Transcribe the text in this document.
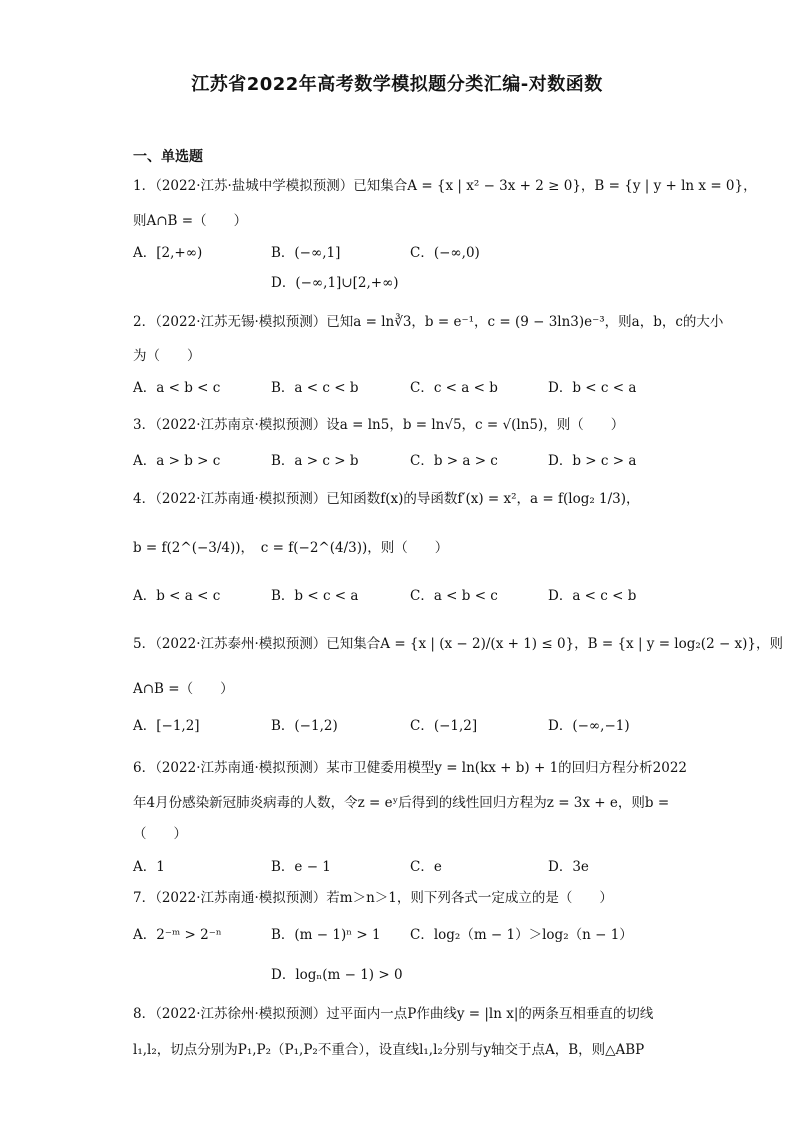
江苏省2022年高考数学模拟题分类汇编-对数函数
一、单选题
1．（2022·江苏·盐城中学模拟预测）已知集合A = {x | x² − 3x + 2 ≥ 0}，B = {y | y + ln x = 0}，
则A∩B =（　　）
A．[2,+∞)	B．(−∞,1]	C．(−∞,0)
D．(−∞,1]∪[2,+∞)
2．（2022·江苏无锡·模拟预测）已知a = ln∛3，b = e⁻¹，c = (9 − 3ln3)e⁻³，则a，b，c的大小
为（　　）
A．a < b < c	B．a < c < b	C．c < a < b	D．b < c < a
3．（2022·江苏南京·模拟预测）设a = ln5，b = ln√5，c = √(ln5)，则（　　）
A．a > b > c	B．a > c > b	C．b > a > c	D．b > c > a
4．（2022·江苏南通·模拟预测）已知函数f(x)的导函数f′(x) = x²，a = f(log₂ 1/3)，
b = f(2^(−3/4))，　c = f(−2^(4/3))，则（　　）
A．b < a < c	B．b < c < a	C．a < b < c	D．a < c < b
5．（2022·江苏泰州·模拟预测）已知集合A = {x | (x − 2)/(x + 1) ≤ 0}，B = {x | y = log₂(2 − x)}，则
A∩B =（　　）
A．[−1,2]	B．(−1,2)	C．(−1,2]	D．(−∞,−1)
6．（2022·江苏南通·模拟预测）某市卫健委用模型y = ln(kx + b) + 1的回归方程分析2022
年4月份感染新冠肺炎病毒的人数，令z = eʸ后得到的线性回归方程为z = 3x + e，则b =
（　　）
A．1	B．e − 1	C．e	D．3e
7．（2022·江苏南通·模拟预测）若m＞n＞1，则下列各式一定成立的是（　　）
A．2⁻ᵐ > 2⁻ⁿ	B．(m − 1)ⁿ > 1 C．log₂（m − 1）＞log₂（n − 1）
D．logₙ(m − 1) > 0
8．（2022·江苏徐州·模拟预测）过平面内一点P作曲线y = |ln x|的两条互相垂直的切线
l₁,l₂，切点分别为P₁,P₂（P₁,P₂不重合），设直线l₁,l₂分别与y轴交于点A，B，则△ABP
